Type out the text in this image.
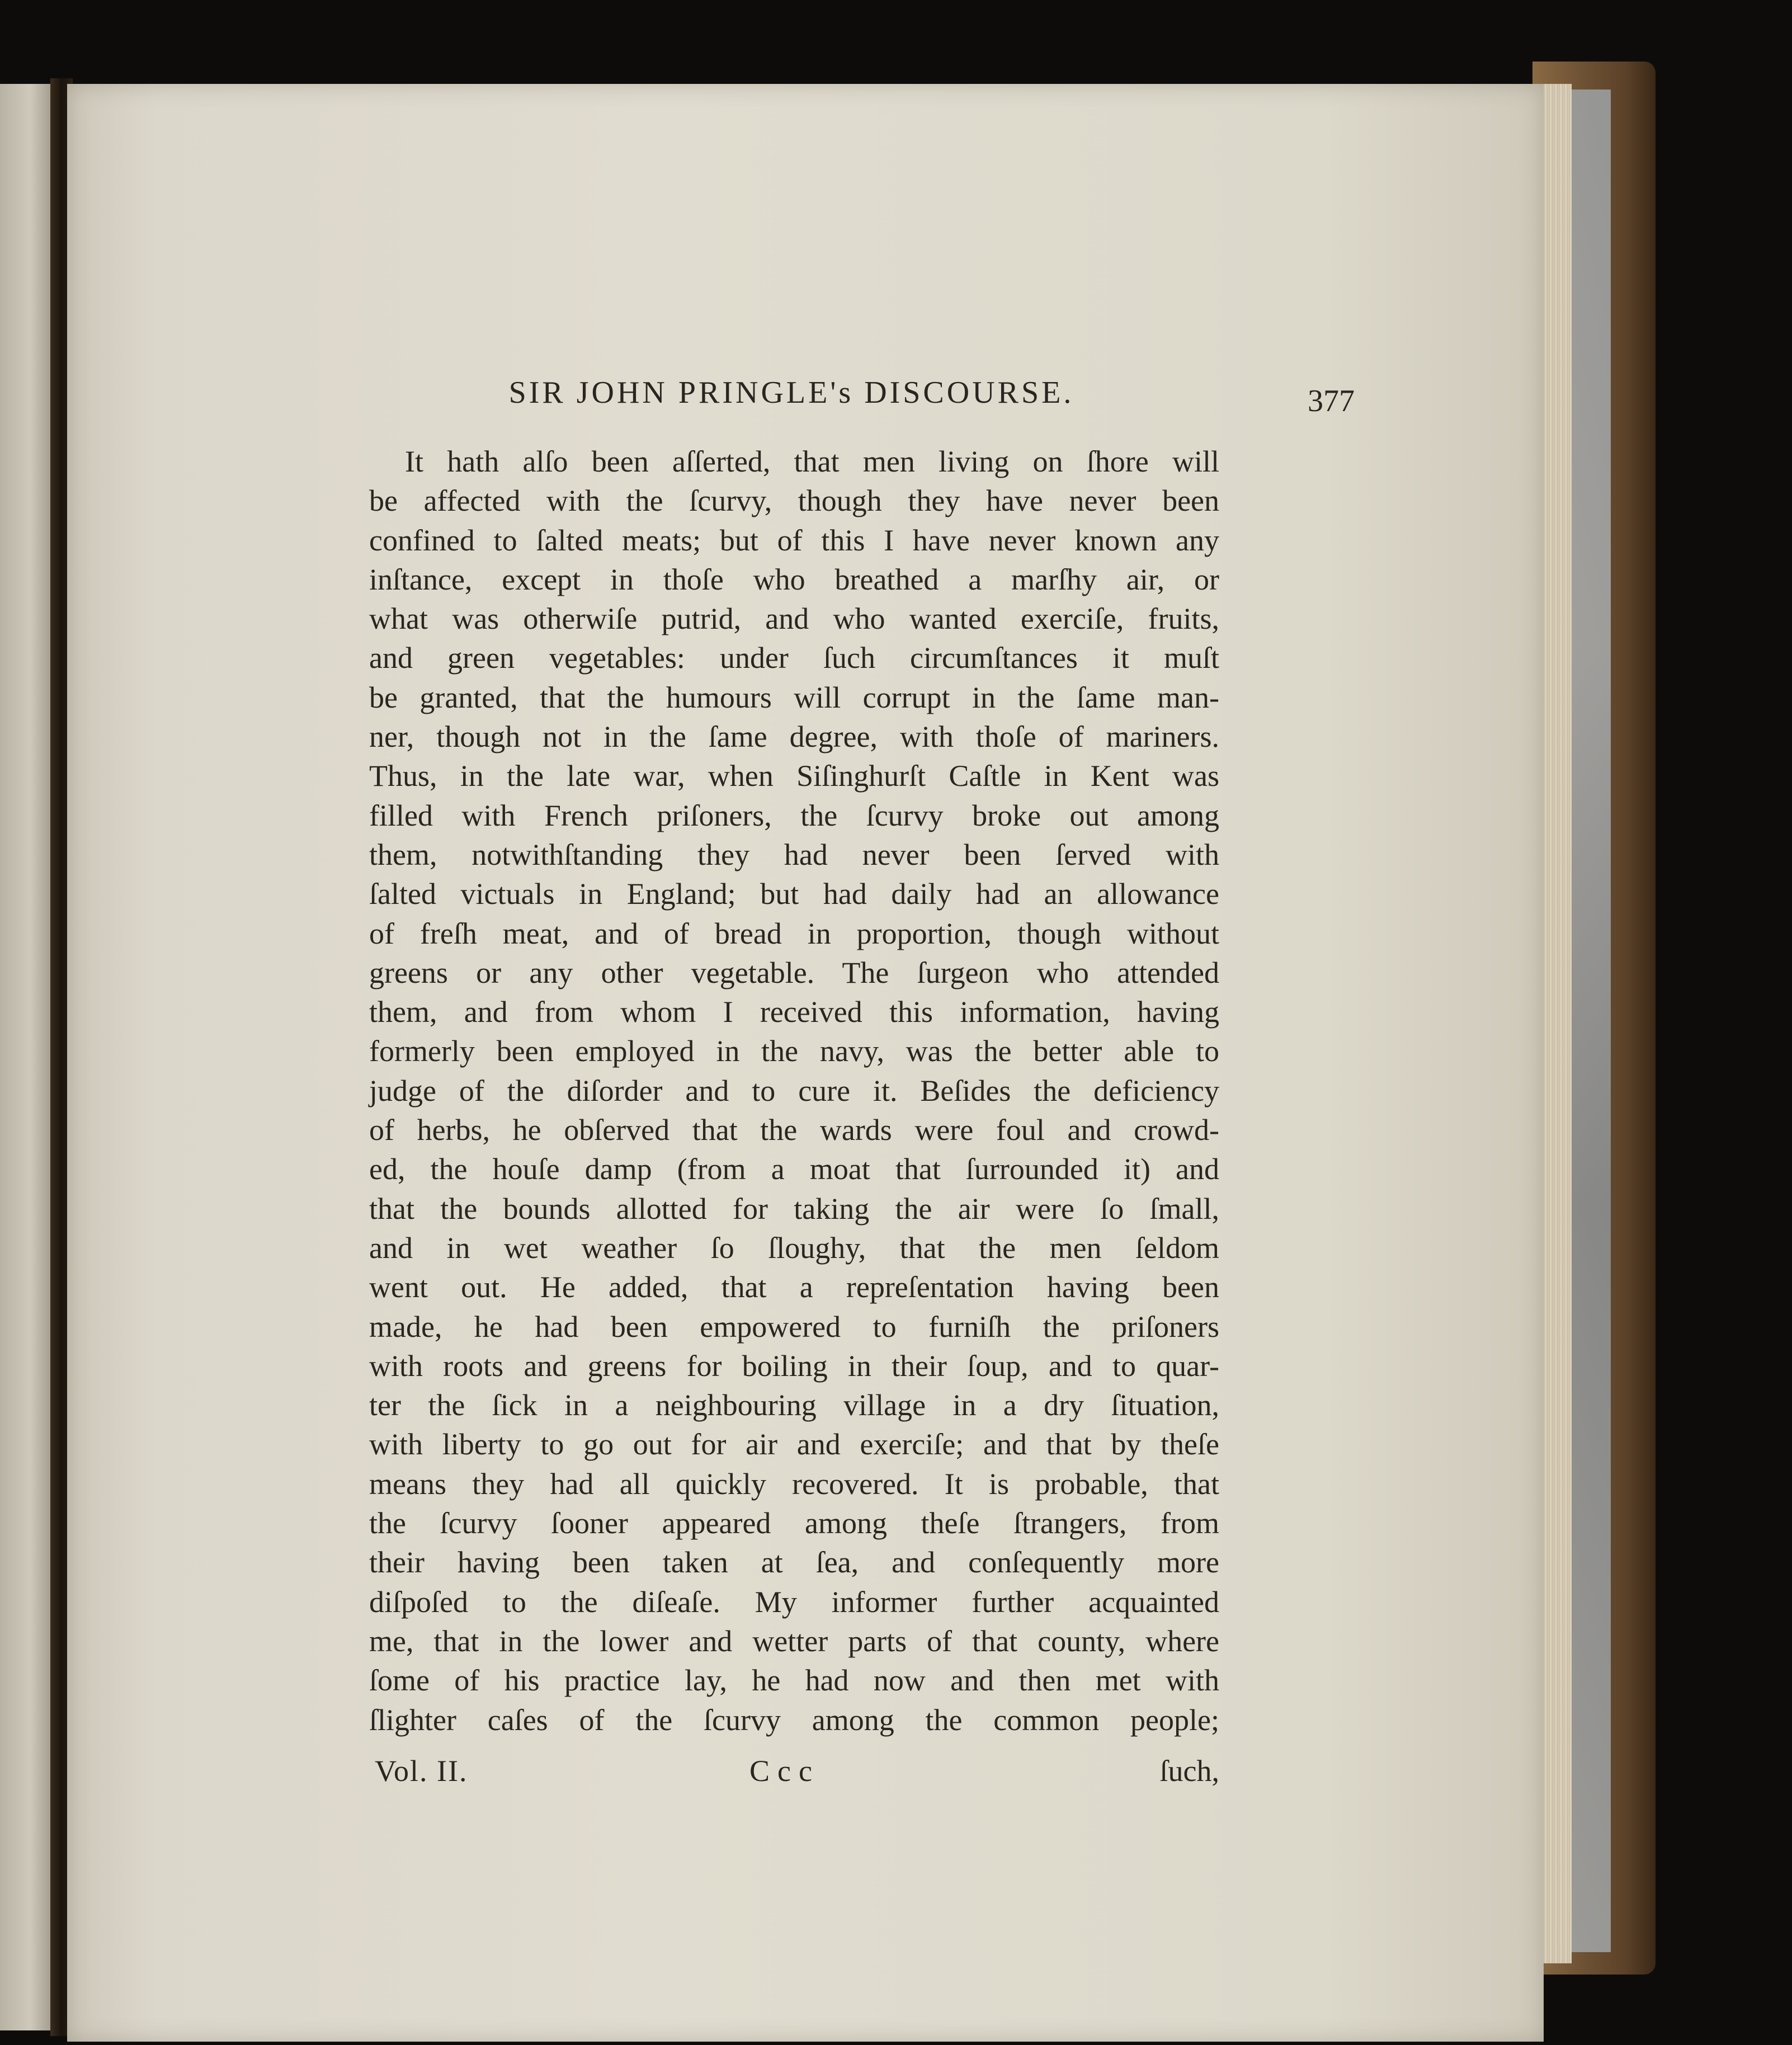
SIR JOHN PRINGLE's DISCOURSE.	377
It hath alſo been aſſerted, that men living on ſhore will
be affected with the ſcurvy, though they have never been
confined to ſalted meats; but of this I have never known any
inſtance, except in thoſe who breathed a marſhy air, or
what was otherwiſe putrid, and who wanted exerciſe, fruits,
and green vegetables: under ſuch circumſtances it muſt
be granted, that the humours will corrupt in the ſame man-
ner, though not in the ſame degree, with thoſe of mariners.
Thus, in the late war, when Siſinghurſt Caſtle in Kent was
filled with French priſoners, the ſcurvy broke out among
them, notwithſtanding they had never been ſerved with
ſalted victuals in England; but had daily had an allowance
of freſh meat, and of bread in proportion, though without
greens or any other vegetable. The ſurgeon who attended
them, and from whom I received this information, having
formerly been employed in the navy, was the better able to
judge of the diſorder and to cure it. Beſides the deficiency
of herbs, he obſerved that the wards were foul and crowd-
ed, the houſe damp (from a moat that ſurrounded it) and
that the bounds allotted for taking the air were ſo ſmall,
and in wet weather ſo ſloughy, that the men ſeldom
went out. He added, that a repreſentation having been
made, he had been empowered to furniſh the priſoners
with roots and greens for boiling in their ſoup, and to quar-
ter the ſick in a neighbouring village in a dry ſituation,
with liberty to go out for air and exerciſe; and that by theſe
means they had all quickly recovered. It is probable, that
the ſcurvy ſooner appeared among theſe ſtrangers, from
their having been taken at ſea, and conſequently more
diſpoſed to the diſeaſe. My informer further acquainted
me, that in the lower and wetter parts of that county, where
ſome of his practice lay, he had now and then met with
ſlighter caſes of the ſcurvy among the common people;
Vol. II.	Ccc	ſuch,
